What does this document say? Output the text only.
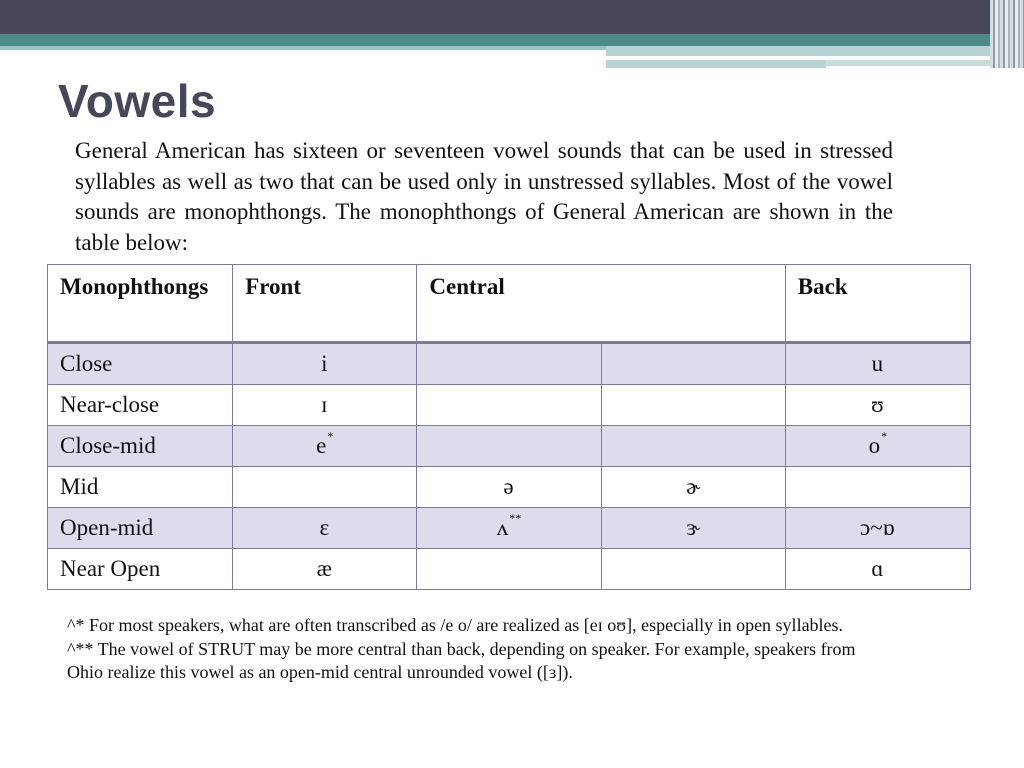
Vowels

General American has sixteen or seventeen vowel sounds that can be used in stressed syllables as well as two that can be used only in unstressed syllables. Most of the vowel sounds are monophthongs. The monophthongs of General American are shown in the table below:

Monophthongs	Front	Central		Back
Close	i			u
Near-close	ɪ			ʊ
Close-mid	e*			o*
Mid		ə	ɚ	
Open-mid	ɛ	ʌ**	ɝ	ɔ~ɒ
Near Open	æ			ɑ

^* For most speakers, what are often transcribed as /e o/ are realized as [eɪ oʊ], especially in open syllables.

^** The vowel of STRUT may be more central than back, depending on speaker. For example, speakers from Ohio realize this vowel as an open-mid central unrounded vowel ([ɜ]).
